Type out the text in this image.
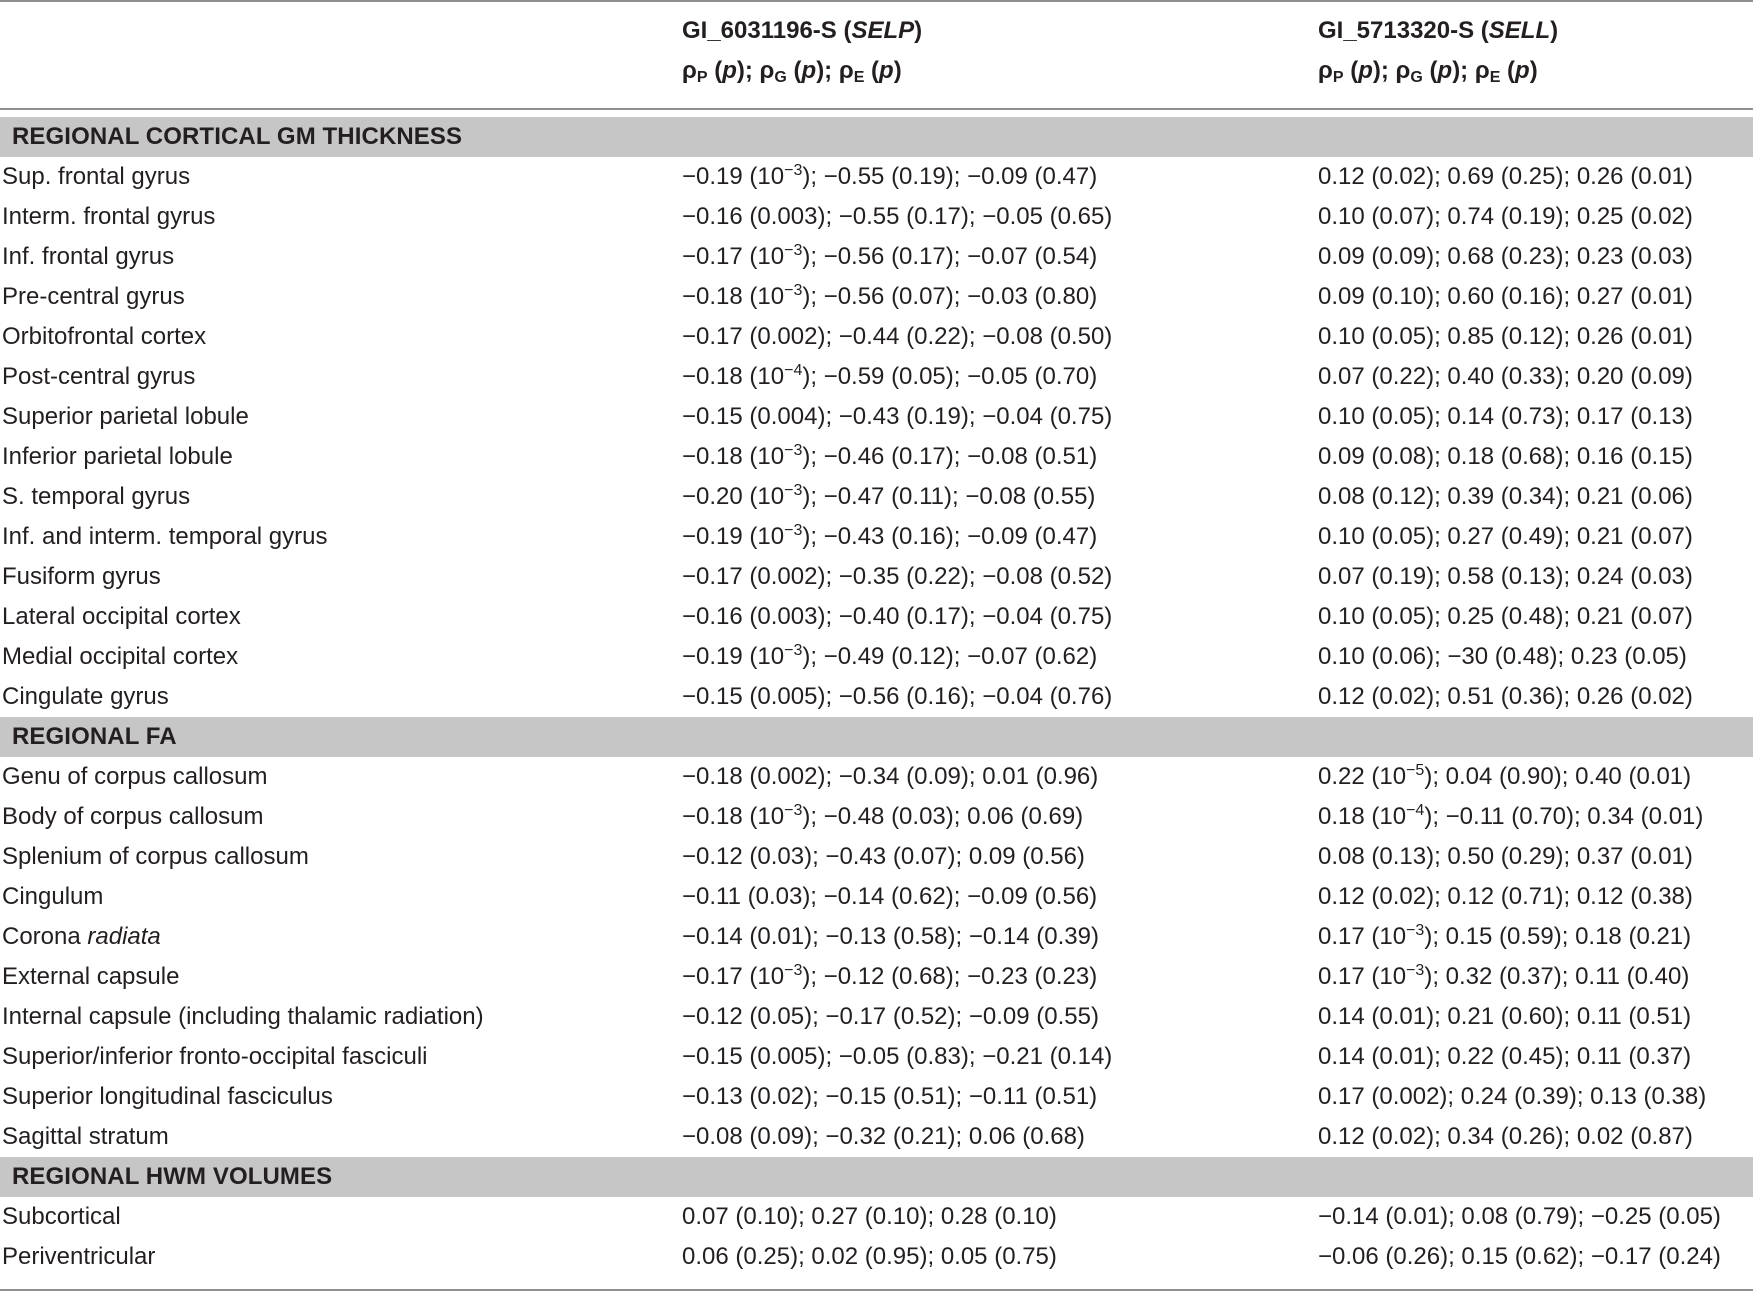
GI_6031196-S (SELP)
$\rho_P$ (p); $\rho_G$ (p); $\rho_E$ (p)
GI_5713320-S (SELL)
$\rho_P$ (p); $\rho_G$ (p); $\rho_E$ (p)
REGIONAL CORTICAL GM THICKNESS
Sup. frontal gyrus	−0.19 $(10^{-3})$; −0.55 (0.19); −0.09 (0.47)	0.12 (0.02); 0.69 (0.25); 0.26 (0.01)
Interm. frontal gyrus	−0.16 (0.003); −0.55 (0.17); −0.05 (0.65)	0.10 (0.07); 0.74 (0.19); 0.25 (0.02)
Inf. frontal gyrus	−0.17 $(10^{-3})$; −0.56 (0.17); −0.07 (0.54)	0.09 (0.09); 0.68 (0.23); 0.23 (0.03)
Pre-central gyrus	−0.18 $(10^{-3})$; −0.56 (0.07); −0.03 (0.80)	0.09 (0.10); 0.60 (0.16); 0.27 (0.01)
Orbitofrontal cortex	−0.17 (0.002); −0.44 (0.22); −0.08 (0.50)	0.10 (0.05); 0.85 (0.12); 0.26 (0.01)
Post-central gyrus	−0.18 $(10^{-4})$; −0.59 (0.05); −0.05 (0.70)	0.07 (0.22); 0.40 (0.33); 0.20 (0.09)
Superior parietal lobule	−0.15 (0.004); −0.43 (0.19); −0.04 (0.75)	0.10 (0.05); 0.14 (0.73); 0.17 (0.13)
Inferior parietal lobule	−0.18 $(10^{-3})$; −0.46 (0.17); −0.08 (0.51)	0.09 (0.08); 0.18 (0.68); 0.16 (0.15)
S. temporal gyrus	−0.20 $(10^{-3})$; −0.47 (0.11); −0.08 (0.55)	0.08 (0.12); 0.39 (0.34); 0.21 (0.06)
Inf. and interm. temporal gyrus	−0.19 $(10^{-3})$; −0.43 (0.16); −0.09 (0.47)	0.10 (0.05); 0.27 (0.49); 0.21 (0.07)
Fusiform gyrus	−0.17 (0.002); −0.35 (0.22); −0.08 (0.52)	0.07 (0.19); 0.58 (0.13); 0.24 (0.03)
Lateral occipital cortex	−0.16 (0.003); −0.40 (0.17); −0.04 (0.75)	0.10 (0.05); 0.25 (0.48); 0.21 (0.07)
Medial occipital cortex	−0.19 $(10^{-3})$; −0.49 (0.12); −0.07 (0.62)	0.10 (0.06); −30 (0.48); 0.23 (0.05)
Cingulate gyrus	−0.15 (0.005); −0.56 (0.16); −0.04 (0.76)	0.12 (0.02); 0.51 (0.36); 0.26 (0.02)
REGIONAL FA
Genu of corpus callosum	−0.18 (0.002); −0.34 (0.09); 0.01 (0.96)	0.22 $(10^{-5})$; 0.04 (0.90); 0.40 (0.01)
Body of corpus callosum	−0.18 $(10^{-3})$; −0.48 (0.03); 0.06 (0.69)	0.18 $(10^{-4})$; −0.11 (0.70); 0.34 (0.01)
Splenium of corpus callosum	−0.12 (0.03); −0.43 (0.07); 0.09 (0.56)	0.08 (0.13); 0.50 (0.29); 0.37 (0.01)
Cingulum	−0.11 (0.03); −0.14 (0.62); −0.09 (0.56)	0.12 (0.02); 0.12 (0.71); 0.12 (0.38)
Corona radiata	−0.14 (0.01); −0.13 (0.58); −0.14 (0.39)	0.17 $(10^{-3})$; 0.15 (0.59); 0.18 (0.21)
External capsule	−0.17 $(10^{-3})$; −0.12 (0.68); −0.23 (0.23)	0.17 $(10^{-3})$; 0.32 (0.37); 0.11 (0.40)
Internal capsule (including thalamic radiation)	−0.12 (0.05); −0.17 (0.52); −0.09 (0.55)	0.14 (0.01); 0.21 (0.60); 0.11 (0.51)
Superior/inferior fronto-occipital fasciculi	−0.15 (0.005); −0.05 (0.83); −0.21 (0.14)	0.14 (0.01); 0.22 (0.45); 0.11 (0.37)
Superior longitudinal fasciculus	−0.13 (0.02); −0.15 (0.51); −0.11 (0.51)	0.17 (0.002); 0.24 (0.39); 0.13 (0.38)
Sagittal stratum	−0.08 (0.09); −0.32 (0.21); 0.06 (0.68)	0.12 (0.02); 0.34 (0.26); 0.02 (0.87)
REGIONAL HWM VOLUMES
Subcortical	0.07 (0.10); 0.27 (0.10); 0.28 (0.10)	−0.14 (0.01); 0.08 (0.79); −0.25 (0.05)
Periventricular	0.06 (0.25); 0.02 (0.95); 0.05 (0.75)	−0.06 (0.26); 0.15 (0.62); −0.17 (0.24)
